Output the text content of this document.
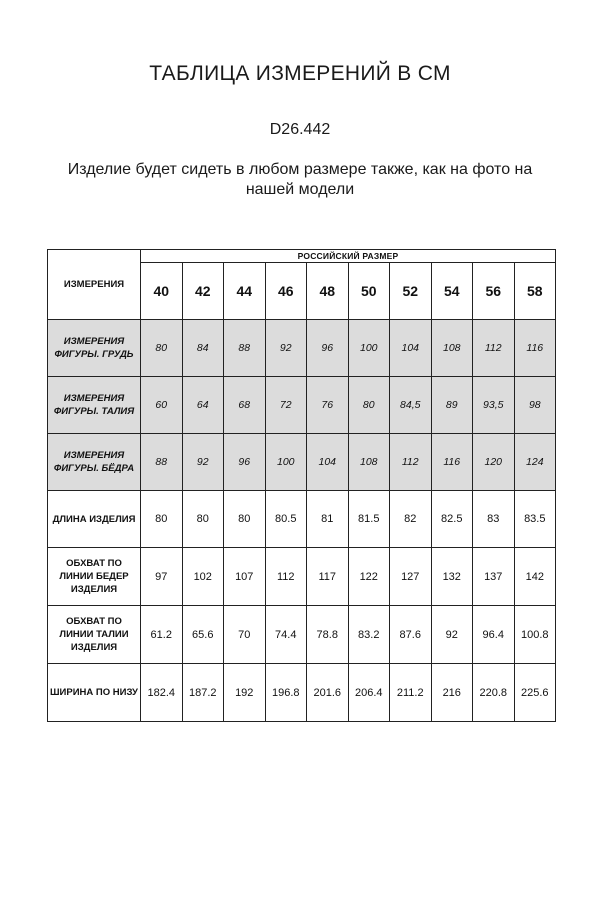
ТАБЛИЦА ИЗМЕРЕНИЙ В СМ
D26.442
Изделие будет сидеть в любом размере также, как на фото на нашей модели
ИЗМЕРЕНИЯ	РОССИЙСКИЙ РАЗМЕР									
	40	42	44	46	48	50	52	54	56	58
ИЗМЕРЕНИЯ ФИГУРЫ. ГРУДЬ	80	84	88	92	96	100	104	108	112	116
ИЗМЕРЕНИЯ ФИГУРЫ. ТАЛИЯ	60	64	68	72	76	80	84,5	89	93,5	98
ИЗМЕРЕНИЯ ФИГУРЫ. БЁДРА	88	92	96	100	104	108	112	116	120	124
ДЛИНА ИЗДЕЛИЯ	80	80	80	80.5	81	81.5	82	82.5	83	83.5
ОБХВАТ ПО ЛИНИИ БЕДЕР ИЗДЕЛИЯ	97	102	107	112	117	122	127	132	137	142
ОБХВАТ ПО ЛИНИИ ТАЛИИ ИЗДЕЛИЯ	61.2	65.6	70	74.4	78.8	83.2	87.6	92	96.4	100.8
ШИРИНА ПО НИЗУ	182.4	187.2	192	196.8	201.6	206.4	211.2	216	220.8	225.6
